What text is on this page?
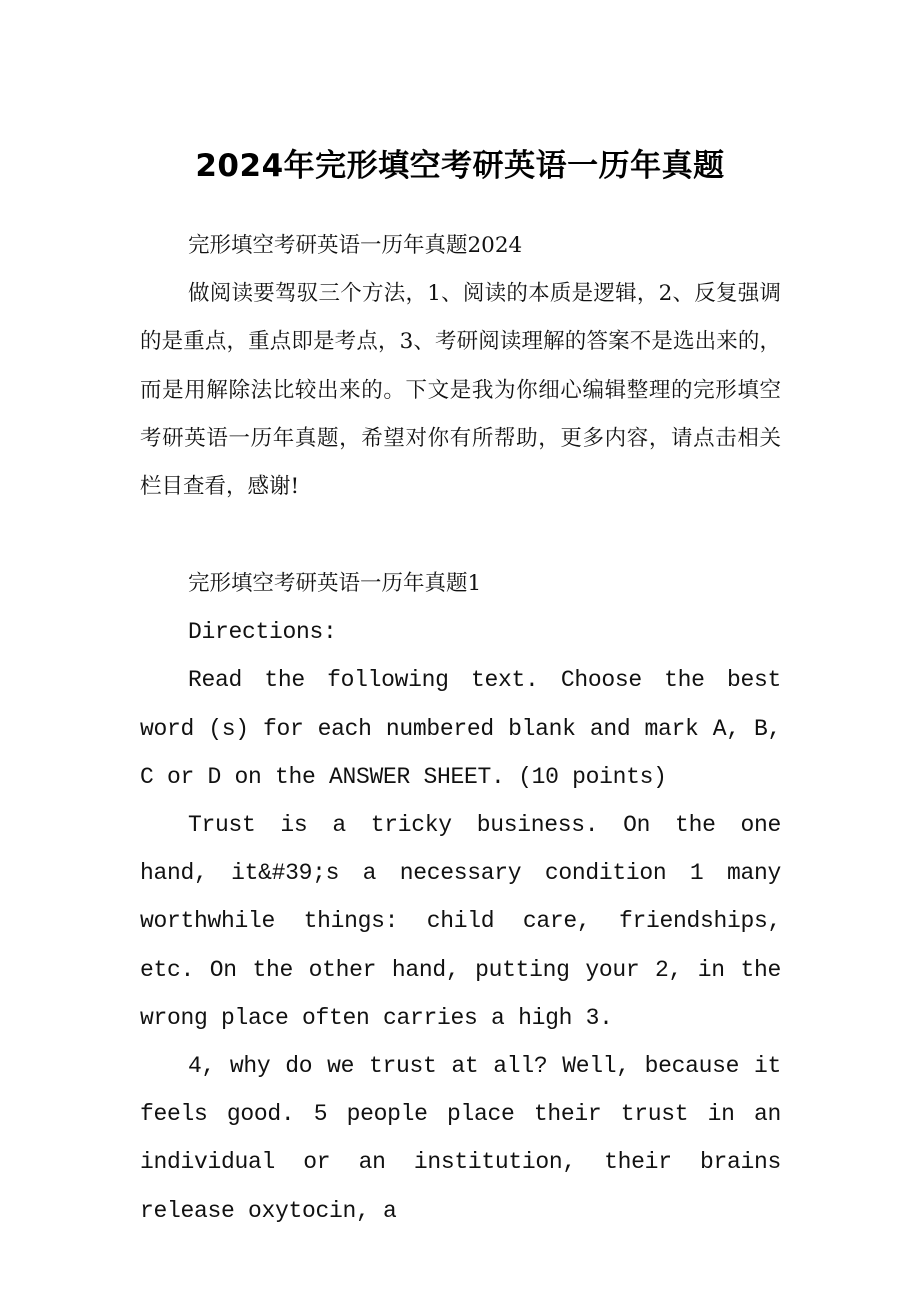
2024年完形填空考研英语一历年真题

完形填空考研英语一历年真题2024

做阅读要驾驭三个方法，1、阅读的本质是逻辑，2、反复强调的是重点，重点即是考点，3、考研阅读理解的答案不是选出来的，而是用解除法比较出来的。下文是我为你细心编辑整理的完形填空考研英语一历年真题，希望对你有所帮助，更多内容，请点击相关栏目查看，感谢!

完形填空考研英语一历年真题1

Directions:

Read the following text. Choose the best word (s) for each numbered blank and mark A, B, C or D on the ANSWER SHEET. (10 points)

Trust is a tricky business. On the one hand, it&#39;s a necessary condition 1 many worthwhile things: child care, friendships, etc. On the other hand, putting your 2, in the wrong place often carries a high 3.

4, why do we trust at all? Well, because it feels good. 5 people place their trust in an individual or an institution, their brains release oxytocin, a
